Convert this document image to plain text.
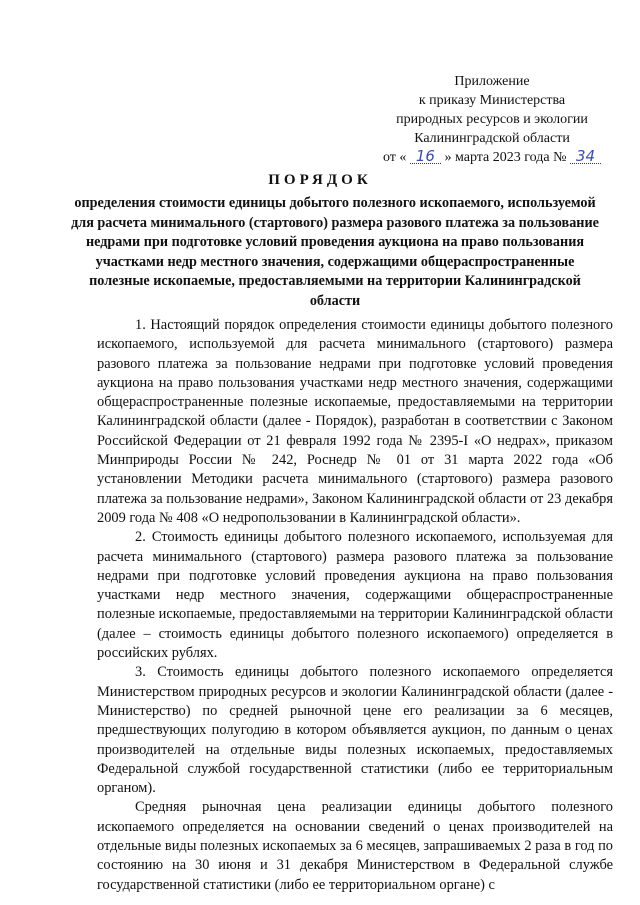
Приложение
к приказу Министерства
природных ресурсов и экологии
Калининградской области
от « 16 » марта 2023 года № 34
ПОРЯДОК
определения стоимости единицы добытого полезного ископаемого, используемой для расчета минимального (стартового) размера разового платежа за пользование недрами при подготовке условий проведения аукциона на право пользования участками недр местного значения, содержащими общераспространенные полезные ископаемые, предоставляемыми на территории Калининградской области

1. Настоящий порядок определения стоимости единицы добытого полезного ископаемого, используемой для расчета минимального (стартового) размера разового платежа за пользование недрами при подготовке условий проведения аукциона на право пользования участками недр местного значения, содержащими общераспространенные полезные ископаемые, предоставляемыми на территории Калининградской области (далее - Порядок), разработан в соответствии с Законом Российской Федерации от 21 февраля 1992 года № 2395-I «О недрах», приказом Минприроды России № 242, Роснедр № 01 от 31 марта 2022 года «Об установлении Методики расчета минимального (стартового) размера разового платежа за пользование недрами», Законом Калининградской области от 23 декабря 2009 года № 408 «О недропользовании в Калининградской области».

2. Стоимость единицы добытого полезного ископаемого, используемая для расчета минимального (стартового) размера разового платежа за пользование недрами при подготовке условий проведения аукциона на право пользования участками недр местного значения, содержащими общераспространенные полезные ископаемые, предоставляемыми на территории Калининградской области (далее – стоимость единицы добытого полезного ископаемого) определяется в российских рублях.

3. Стоимость единицы добытого полезного ископаемого определяется Министерством природных ресурсов и экологии Калининградской области (далее - Министерство) по средней рыночной цене его реализации за 6 месяцев, предшествующих полугодию в котором объявляется аукцион, по данным о ценах производителей на отдельные виды полезных ископаемых, предоставляемых Федеральной службой государственной статистики (либо ее территориальным органом).

Средняя рыночная цена реализации единицы добытого полезного ископаемого определяется на основании сведений о ценах производителей на отдельные виды полезных ископаемых за 6 месяцев, запрашиваемых 2 раза в год по состоянию на 30 июня и 31 декабря Министерством в Федеральной службе государственной статистики (либо ее территориальном органе) с
